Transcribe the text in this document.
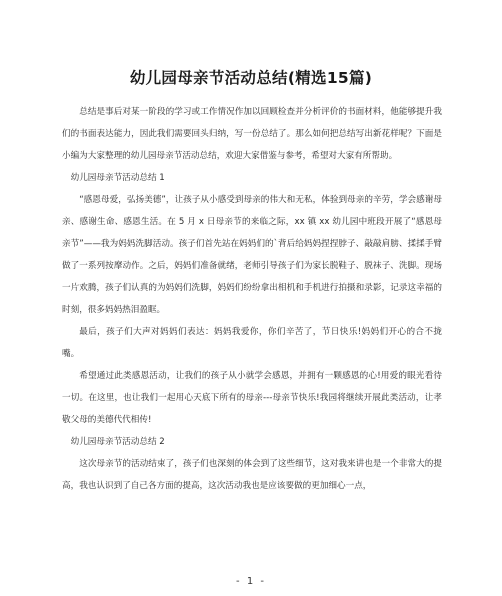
幼儿园母亲节活动总结(精选15篇)

总结是事后对某一阶段的学习或工作情况作加以回顾检查并分析评价的书面材料，他能够提升我们的书面表达能力，因此我们需要回头归纳，写一份总结了。那么如何把总结写出新花样呢？下面是小编为大家整理的幼儿园母亲节活动总结，欢迎大家借鉴与参考，希望对大家有所帮助。

幼儿园母亲节活动总结 1

“感恩母爱，弘扬美德”，让孩子从小感受到母亲的伟大和无私，体验到母亲的辛劳，学会感谢母亲、感谢生命、感恩生活。在 5 月 x 日母亲节的来临之际，xx 镇 xx 幼儿园中班段开展了“感恩母亲节”——我为妈妈洗脚活动。孩子们首先站在妈妈们的`背后给妈妈捏捏脖子、敲敲肩膀、揉揉手臂做了一系列按摩动作。之后，妈妈们准备就绪，老师引导孩子们为家长脱鞋子、脱袜子、洗脚。现场一片欢腾，孩子们认真的为妈妈们洗脚，妈妈们纷纷拿出相机和手机进行拍摄和录影，记录这幸福的时刻，很多妈妈热泪盈眶。

最后，孩子们大声对妈妈们表达：妈妈我爱你，你们辛苦了，节日快乐!妈妈们开心的合不拢嘴。

希望通过此类感恩活动，让我们的孩子从小就学会感恩，并拥有一颗感恩的心!用爱的眼光看待一切。在这里，也让我们一起用心天底下所有的母亲---母亲节快乐!我园将继续开展此类活动，让孝敬父母的美德代代相传!

幼儿园母亲节活动总结 2

这次母亲节的活动结束了，孩子们也深刻的体会到了这些细节，这对我来讲也是一个非常大的提高，我也认识到了自己各方面的提高，这次活动我也是应该要做的更加细心一点，

- 1 -
